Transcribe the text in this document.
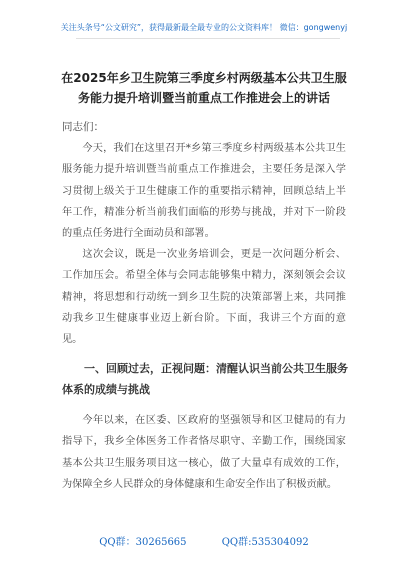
关注头条号“公文研究”，获得最新最全最专业的公文资料库！ 微信：gongwenyj
在2025年乡卫生院第三季度乡村两级基本公共卫生服务能力提升培训暨当前重点工作推进会上的讲话
同志们：

今天，我们在这里召开*乡第三季度乡村两级基本公共卫生服务能力提升培训暨当前重点工作推进会，主要任务是深入学习贯彻上级关于卫生健康工作的重要指示精神，回顾总结上半年工作，精准分析当前我们面临的形势与挑战，并对下一阶段的重点任务进行全面动员和部署。

这次会议，既是一次业务培训会，更是一次问题分析会、工作加压会。希望全体与会同志能够集中精力，深刻领会会议精神，将思想和行动统一到乡卫生院的决策部署上来，共同推动我乡卫生健康事业迈上新台阶。下面，我讲三个方面的意见。

一、回顾过去，正视问题：清醒认识当前公共卫生服务体系的成绩与挑战

今年以来，在区委、区政府的坚强领导和区卫健局的有力指导下，我乡全体医务工作者恪尽职守、辛勤工作，围绕国家基本公共卫生服务项目这一核心，做了大量卓有成效的工作，为保障全乡人民群众的身体健康和生命安全作出了积极贡献。

QQ群：30265665	QQ群:535304092
